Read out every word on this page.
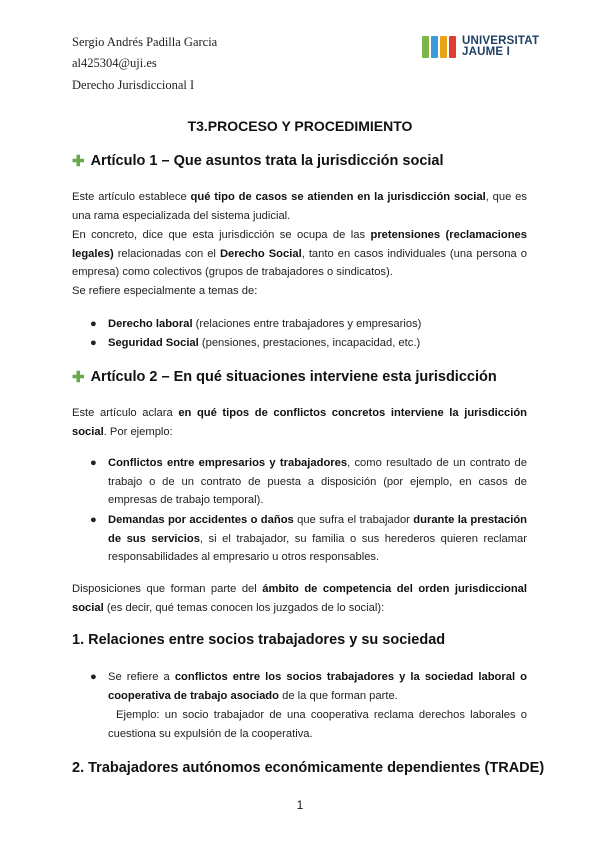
Sergio Andrés Padilla Garcia
al425304@uji.es
Derecho Jurisdiccional I
UNIVERSITAT
JAUME I
T3.PROCESO Y PROCEDIMIENTO
✚ Artículo 1 – Que asuntos trata la jurisdicción social
Este artículo establece qué tipo de casos se atienden en la jurisdicción social, que es una rama especializada del sistema judicial.
En concreto, dice que esta jurisdicción se ocupa de las pretensiones (reclamaciones legales) relacionadas con el Derecho Social, tanto en casos individuales (una persona o empresa) como colectivos (grupos de trabajadores o sindicatos).
Se refiere especialmente a temas de:
● Derecho laboral (relaciones entre trabajadores y empresarios)
● Seguridad Social (pensiones, prestaciones, incapacidad, etc.)
✚ Artículo 2 – En qué situaciones interviene esta jurisdicción
Este artículo aclara en qué tipos de conflictos concretos interviene la jurisdicción social. Por ejemplo:
● Conflictos entre empresarios y trabajadores, como resultado de un contrato de trabajo o de un contrato de puesta a disposición (por ejemplo, en casos de empresas de trabajo temporal).
● Demandas por accidentes o daños que sufra el trabajador durante la prestación de sus servicios, si el trabajador, su familia o sus herederos quieren reclamar responsabilidades al empresario u otros responsables.
Disposiciones que forman parte del ámbito de competencia del orden jurisdiccional social (es decir, qué temas conocen los juzgados de lo social):
1. Relaciones entre socios trabajadores y su sociedad
● Se refiere a conflictos entre los socios trabajadores y la sociedad laboral o cooperativa de trabajo asociado de la que forman parte.
Ejemplo: un socio trabajador de una cooperativa reclama derechos laborales o cuestiona su expulsión de la cooperativa.
2. Trabajadores autónomos económicamente dependientes (TRADE)
1
